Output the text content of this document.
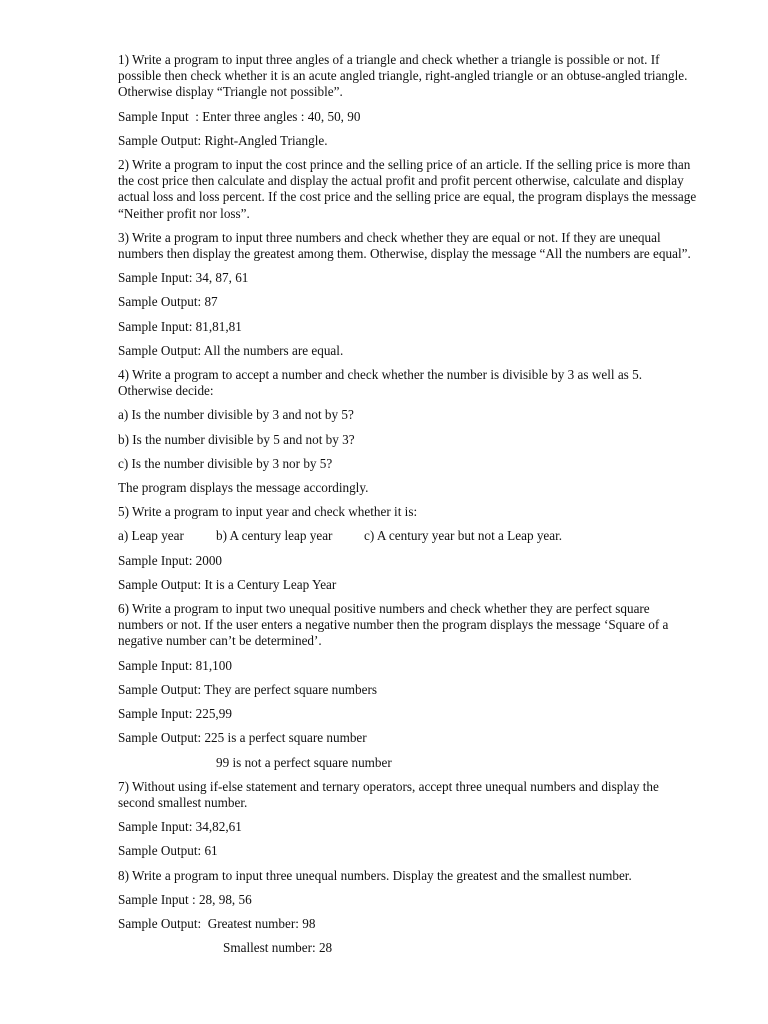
1) Write a program to input three angles of a triangle and check whether a triangle is possible or not. If possible then check whether it is an acute angled triangle, right-angled triangle or an obtuse-angled triangle. Otherwise display “Triangle not possible”.

Sample Input  : Enter three angles : 40, 50, 90

Sample Output: Right-Angled Triangle.

2) Write a program to input the cost prince and the selling price of an article. If the selling price is more than the cost price then calculate and display the actual profit and profit percent otherwise, calculate and display actual loss and loss percent. If the cost price and the selling price are equal, the program displays the message “Neither profit nor loss”.

3) Write a program to input three numbers and check whether they are equal or not. If they are unequal numbers then display the greatest among them. Otherwise, display the message “All the numbers are equal”.

Sample Input: 34, 87, 61

Sample Output: 87

Sample Input: 81,81,81

Sample Output: All the numbers are equal.

4) Write a program to accept a number and check whether the number is divisible by 3 as well as 5. Otherwise decide:

a) Is the number divisible by 3 and not by 5?

b) Is the number divisible by 5 and not by 3?

c) Is the number divisible by 3 nor by 5?

The program displays the message accordingly.

5) Write a program to input year and check whether it is:

a) Leap year b) A century leap year c) A century year but not a Leap year.

Sample Input: 2000

Sample Output: It is a Century Leap Year

6) Write a program to input two unequal positive numbers and check whether they are perfect square numbers or not. If the user enters a negative number then the program displays the message ‘Square of a negative number can’t be determined’.

Sample Input: 81,100

Sample Output: They are perfect square numbers

Sample Input: 225,99

Sample Output: 225 is a perfect square number

99 is not a perfect square number

7) Without using if-else statement and ternary operators, accept three unequal numbers and display the second smallest number.

Sample Input: 34,82,61

Sample Output: 61

8) Write a program to input three unequal numbers. Display the greatest and the smallest number.

Sample Input : 28, 98, 56

Sample Output:  Greatest number: 98

Smallest number: 28
